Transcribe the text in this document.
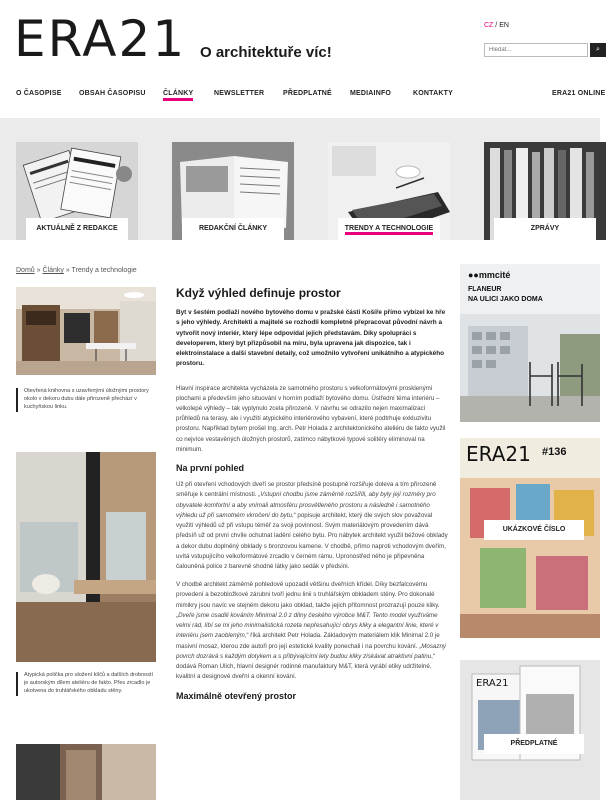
ERA21 O architektuře víc!
CZ / EN
Hledat...
⌕
O ČASOPISE OBSAH ČASOPISU ČLÁNKY	NEWSLETTER	PŘEDPLATNÉ	MEDIAINFO	KONTAKTY	ERA21 ONLINE
AKTUÁLNĚ Z REDAKCE	REDAKČNÍ ČLÁNKY	TRENDY A TECHNOLOGIE	ZPRÁVY
Domů » Články » Trendy a technologie
Otevřená knihovna s uzavřenými úložnými prostory okolo v dekoru dubu dále přirozeně přechází v kuchyňskou linku.
Atypická polička pro uložení klíčů a dalších drobností je autorským dílem ateliéru de fakto. Přes zrcadlo je ukotvena do truhlářského obkladu stěny.
Když výhled definuje prostor

Byt v šestém podlaží nového bytového domu v pražské části Košíře přímo vybízel ke hře s jeho výhledy. Architekti a majitelé se rozhodli kompletně přepracovat původní návrh a vytvořit nový interiér, který lépe odpovídal jejich představám. Díky spolupráci s developerem, který byt přizpůsobil na míru, byla upravena jak dispozice, tak i elektroinstalace a další stavební detaily, což umožnilo vytvoření unikátního a atypického prostoru.

Hlavní inspirace architekta vycházela ze samotného prostoru s velkoformátovými prosklenými plochami a především jeho situování v horním podlaží bytového domu. Ústřední téma interiéru – velkolepé výhledy – tak vyplynulo zcela přirozeně. V návrhu se odrazilo nejen maximalizací průhledů na terasy, ale i využití atypického interiérového vybavení, které podtrhuje exkluzivitu prostoru. Například bytem prošel Ing. arch. Petr Holada z architektonického ateliéru de fakto využil co nejvíce vestavěných úložných prostorů, zatímco nábytkové typové solitéry eliminoval na minimum.

Na první pohled

Už při otevření vchodových dveří se prostor předsíně postupně rozšiřuje doleva a tím přirozeně směřuje k centrální místnosti. „Vstupní chodbu jsme záměrně rozšířili, aby byly její rozměry pro obyvatele komfortní a aby vnímali atmosféru prosvětleného prostoru a následně i samotného výhledu už při samotném vkročení do bytu,“ popisuje architekt, který dle svých slov považoval využití výhledů už při vstupu téměř za svoji povinnost. Svým materiálovým provedením dává předsíň už od první chvíle ochutnat ladění celého bytu. Pro nábytek architekt využil béžové obklady a dekor dubu doplněný obklady s bronzovou kamene. V chodbě, přímo naproti vchodovým dveřím, uvítá vstupujícího velkoformátové zrcadlo v černém rámu. Upronostřed něho je připevněna čalouněná police z barevně shodné látky jako sedák v předsíni.

V chodbě architekt záměrně pohledově upozadil většinu dveřních křídel. Díky bezfalcovému provedení a bezobložkové zárubni tvoří jednu linii s truhlářským obkladem stěny. Pro dokonalé mimikry jsou navíc ve stejném dekoru jako obklad, takže jejich přítomnost prozrazují pouze kliky. „Dveře jsme osadili kováním Minimal 2.0 z dílny českého výrobce M&T. Tento model využíváme velmi rád, líbí se mi jeho minimalistická rozeta nepřesahující obrys kliky a elegantní linie, které v interiéru jsem zaobleným,“ říká architekt Petr Holada. Základovým materiálem klik Minimal 2.0 je masivní mosaz, kterou zde autoři pro její estetické kvality ponechali i na povrchu kování. „Mosazný povrch dozrává s každým dotykem a s přibývajícími lety budou kliky získávat atraktivní patinu,“ dodává Roman Ulich, hlavní designér rodinné manufaktury M&T, která vyrábí etiky udržitelné, kvalitní a designové dveřní a okenní kování.

Maximálně otevřený prostor
●●mmcité
FLANEUR
NA ULICI JAKO DOMA
ERA21 #136
UKÁZKOVÉ ČÍSLO
ERA21
PŘEDPLATNÉ
